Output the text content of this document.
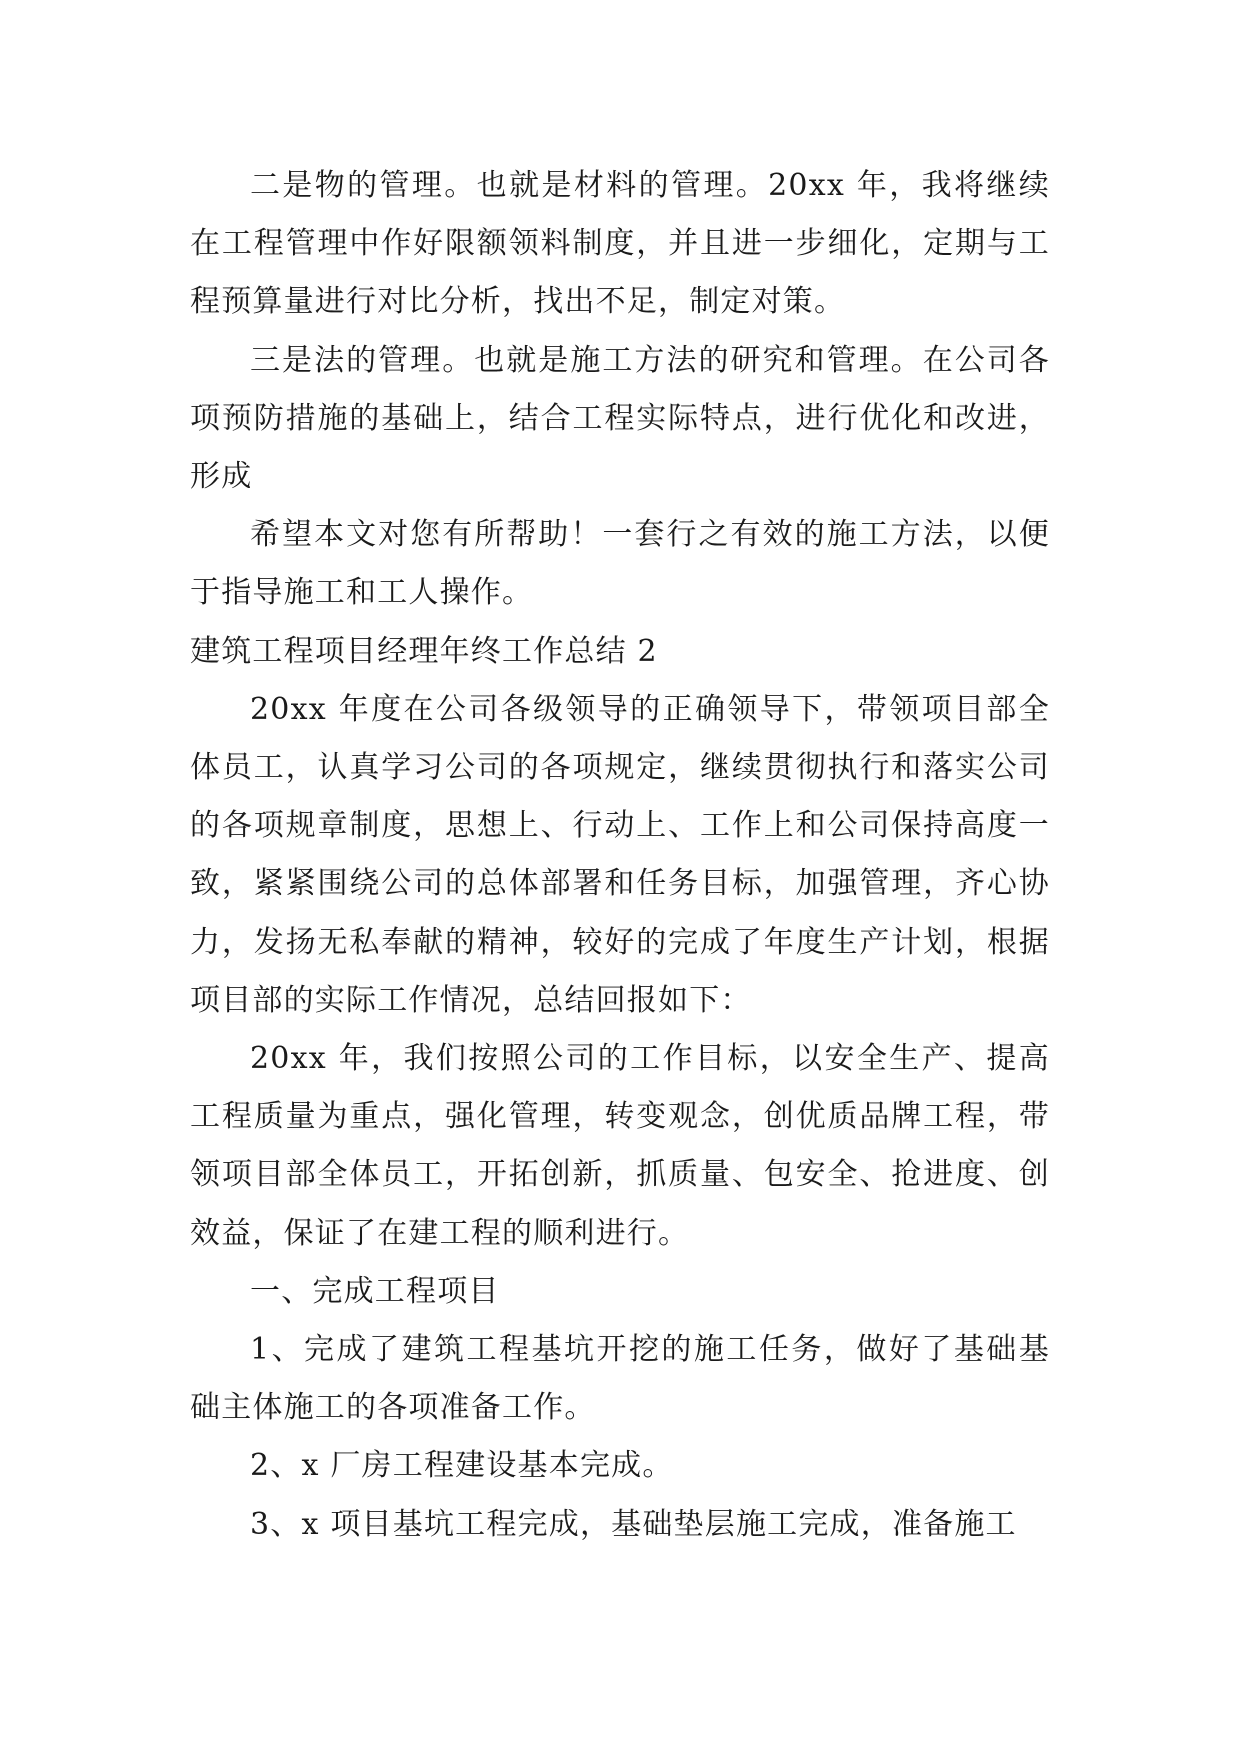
二是物的管理。也就是材料的管理。20xx 年，我将继续在工程管理中作好限额领料制度，并且进一步细化，定期与工程预算量进行对比分析，找出不足，制定对策。

三是法的管理。也就是施工方法的研究和管理。在公司各项预防措施的基础上，结合工程实际特点，进行优化和改进，形成

希望本文对您有所帮助！一套行之有效的施工方法，以便于指导施工和工人操作。

建筑工程项目经理年终工作总结 2

20xx 年度在公司各级领导的正确领导下，带领项目部全体员工，认真学习公司的各项规定，继续贯彻执行和落实公司的各项规章制度，思想上、行动上、工作上和公司保持高度一致，紧紧围绕公司的总体部署和任务目标，加强管理，齐心协力，发扬无私奉献的精神，较好的完成了年度生产计划，根据项目部的实际工作情况，总结回报如下：

20xx 年，我们按照公司的工作目标，以安全生产、提高工程质量为重点，强化管理，转变观念，创优质品牌工程，带领项目部全体员工，开拓创新，抓质量、包安全、抢进度、创效益，保证了在建工程的顺利进行。

一、完成工程项目

1、完成了建筑工程基坑开挖的施工任务，做好了基础基础主体施工的各项准备工作。

2、x 厂房工程建设基本完成。

3、x 项目基坑工程完成，基础垫层施工完成，准备施工
